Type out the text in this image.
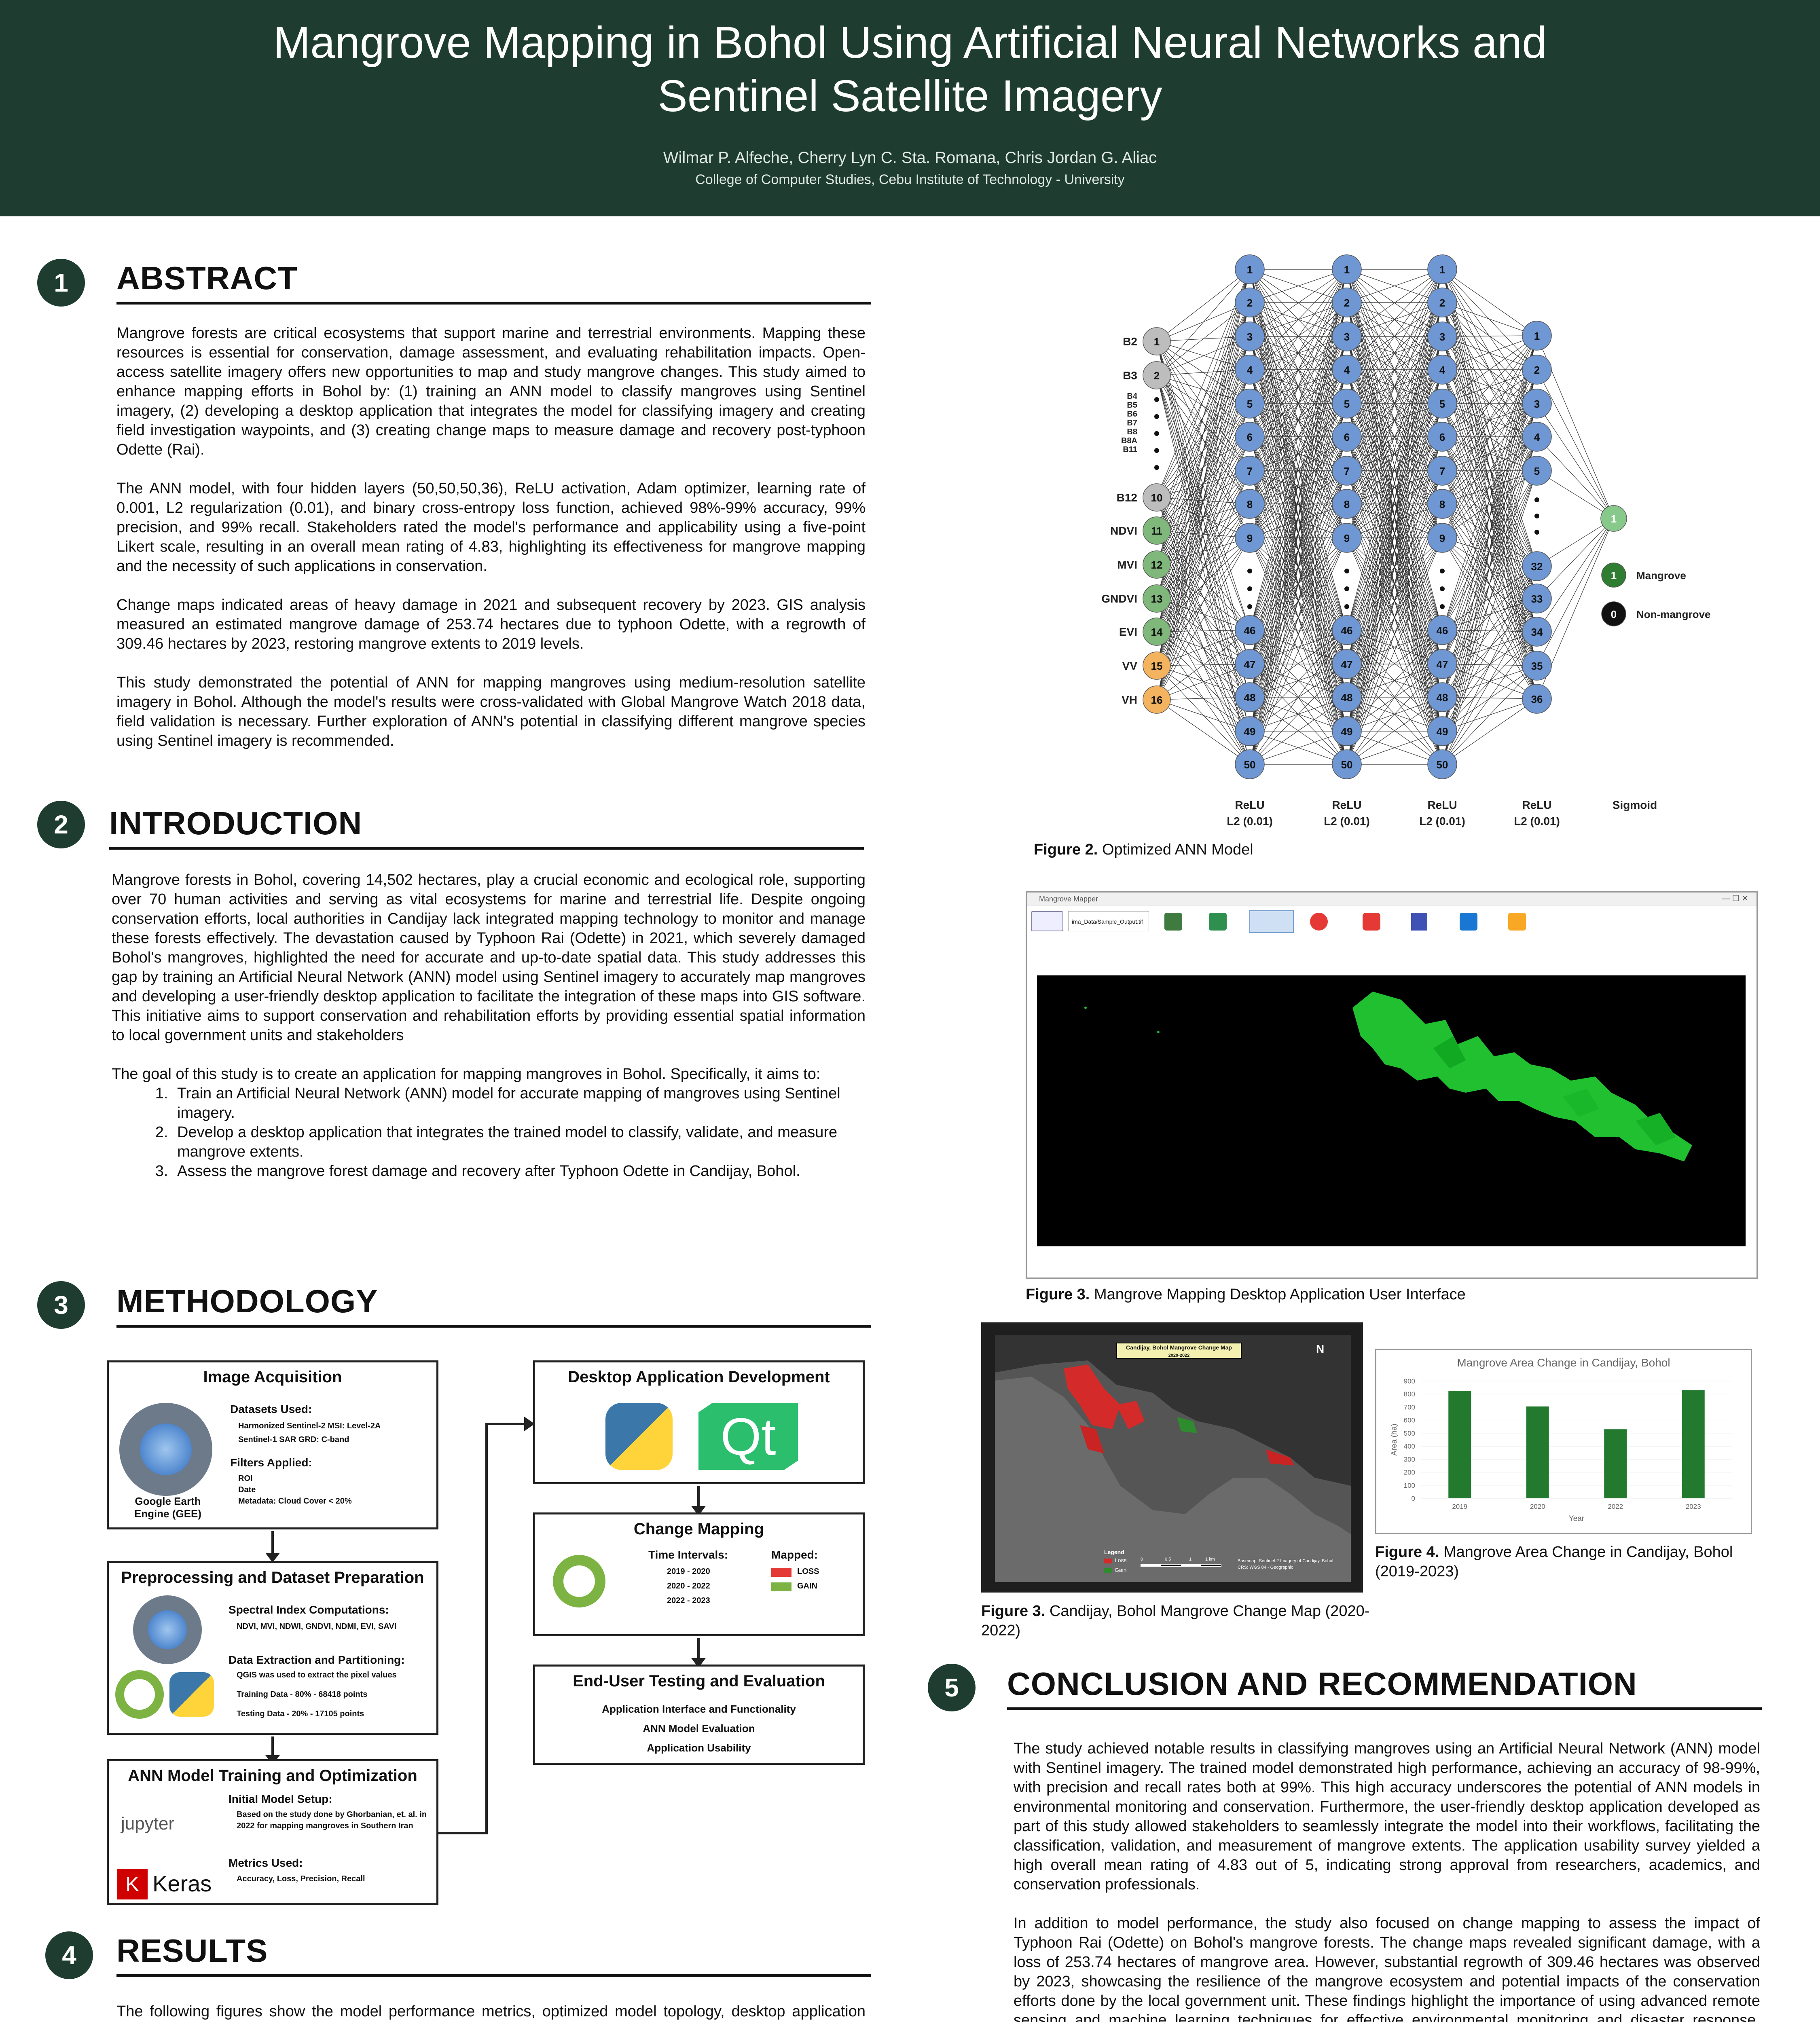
Mangrove Mapping in Bohol Using Artificial Neural Networks and
Sentinel Satellite Imagery
Wilmar P. Alfeche, Cherry Lyn C. Sta. Romana, Chris Jordan G. Aliac
College of Computer Studies, Cebu Institute of Technology - University
1	ABSTRACT

Mangrove forests are critical ecosystems that support marine and terrestrial environments. Mapping these resources is essential for conservation, damage assessment, and evaluating rehabilitation impacts. Open-access satellite imagery offers new opportunities to map and study mangrove changes. This study aimed to enhance mapping efforts in Bohol by: (1) training an ANN model to classify mangroves using Sentinel imagery, (2) developing a desktop application that integrates the model for classifying imagery and creating field investigation waypoints, and (3) creating change maps to measure damage and recovery post-typhoon Odette (Rai).

The ANN model, with four hidden layers (50,50,50,36), ReLU activation, Adam optimizer, learning rate of 0.001, L2 regularization (0.01), and binary cross-entropy loss function, achieved 98%-99% accuracy, 99% precision, and 99% recall. Stakeholders rated the model's performance and applicability using a five-point Likert scale, resulting in an overall mean rating of 4.83, highlighting its effectiveness for mangrove mapping and the necessity of such applications in conservation.

Change maps indicated areas of heavy damage in 2021 and subsequent recovery by 2023. GIS analysis measured an estimated mangrove damage of 253.74 hectares due to typhoon Odette, with a regrowth of 309.46 hectares by 2023, restoring mangrove extents to 2019 levels.

This study demonstrated the potential of ANN for mapping mangroves using medium-resolution satellite imagery in Bohol. Although the model's results were cross-validated with Global Mangrove Watch 2018 data, field validation is necessary. Further exploration of ANN's potential in classifying different mangrove species using Sentinel imagery is recommended.

2	INTRODUCTION

Mangrove forests in Bohol, covering 14,502 hectares, play a crucial economic and ecological role, supporting over 70 human activities and serving as vital ecosystems for marine and terrestrial life. Despite ongoing conservation efforts, local authorities in Candijay lack integrated mapping technology to monitor and manage these forests effectively. The devastation caused by Typhoon Rai (Odette) in 2021, which severely damaged Bohol's mangroves, highlighted the need for accurate and up-to-date spatial data. This study addresses this gap by training an Artificial Neural Network (ANN) model using Sentinel imagery to accurately map mangroves and developing a user-friendly desktop application to facilitate the integration of these maps into GIS software. This initiative aims to support conservation and rehabilitation efforts by providing essential spatial information to local government units and stakeholders

The goal of this study is to create an application for mapping mangroves in Bohol. Specifically, it aims to:

1. Train an Artificial Neural Network (ANN) model for accurate mapping of mangroves using Sentinel imagery.
2. Develop a desktop application that integrates the trained model to classify, validate, and measure mangrove extents.
3. Assess the mangrove forest damage and recovery after Typhoon Odette in Candijay, Bohol.
3	METHODOLOGY
Image Acquisition
Google Earth Engine (GEE)
Datasets Used:
Harmonized Sentinel-2 MSI: Level-2A
Sentinel-1 SAR GRD: C-band
Filters Applied:
ROI
Date
Metadata: Cloud Cover < 20%
Preprocessing and Dataset Preparation
Spectral Index Computations:
NDVI, MVI, NDWI, GNDVI, NDMI, EVI, SAVI
Data Extraction and Partitioning:
QGIS was used to extract the pixel values
Training Data - 80% - 68418 points
Testing Data - 20% - 17105 points
ANN Model Training and Optimization
jupyter
K Keras
Initial Model Setup:
Based on the study done by Ghorbanian, et. al. in 2022 for mapping mangroves in Southern Iran
Metrics Used:
Accuracy, Loss, Precision, Recall
Desktop Application Development
Qt
Change Mapping
Time Intervals:
2019 - 2020
2020 - 2022
2022 - 2023
Mapped:
LOSS
GAIN
End-User Testing and Evaluation
Application Interface and Functionality
ANN Model Evaluation
Application Usability
4	RESULTS

The following figures show the model performance metrics, optimized model topology, desktop application

B2
B3
B4
B5
B6
B7
B8
B8A
B11
B12
NDVI
MVI
GNDVI
EVI
VV
VH
1
2
10
11
12
13
14
15
16
1
2
3
4
5
6
7
8
9
46
47
48
49
50
1
2
3
4
5
6
7
8
9
46
47
48
49
50
1
2
3
4
5
6
7
8
9
46
47
48
49
50
1
2
3
4
5
32
33
34
35
36
1
1 Mangrove
0 Non-mangrove
ReLU
L2 (0.01)
ReLU
L2 (0.01)
ReLU
L2 (0.01)
ReLU
L2 (0.01)
Sigmoid
Figure 2. Optimized ANN Model
Mangrove Mapper	— ☐ ✕
ima_Data/Sample_Output.tif
Figure 3. Mangrove Mapping Desktop Application User Interface
Candijay, Bohol Mangrove Change Map
2020-2022
N
Legend
Loss
Gain
0	0.5	1	1 km	Basemap: Sentinel-2 Imagery of Candijay, Bohol
CRS: WGS 84 - Geographic
Figure 3. Candijay, Bohol Mangrove Change Map (2020-2022)
Mangrove Area Change in Candijay, Bohol
0
100
200
300
400
500
600
700
800
900
2019	2020	2022	2023
Year
Area (ha)
Figure 4. Mangrove Area Change in Candijay, Bohol (2019-2023)
5	CONCLUSION AND RECOMMENDATION

The study achieved notable results in classifying mangroves using an Artificial Neural Network (ANN) model with Sentinel imagery. The trained model demonstrated high performance, achieving an accuracy of 98-99%, with precision and recall rates both at 99%. This high accuracy underscores the potential of ANN models in environmental monitoring and conservation. Furthermore, the user-friendly desktop application developed as part of this study allowed stakeholders to seamlessly integrate the model into their workflows, facilitating the classification, validation, and measurement of mangrove extents. The application usability survey yielded a high overall mean rating of 4.83 out of 5, indicating strong approval from researchers, academics, and conservation professionals.

In addition to model performance, the study also focused on change mapping to assess the impact of Typhoon Rai (Odette) on Bohol's mangrove forests. The change maps revealed significant damage, with a loss of 253.74 hectares of mangrove area. However, substantial regrowth of 309.46 hectares was observed by 2023, showcasing the resilience of the mangrove ecosystem and potential impacts of the conservation efforts done by the local government unit. These findings highlight the importance of using advanced remote sensing and machine learning techniques for effective environmental monitoring and disaster response,
